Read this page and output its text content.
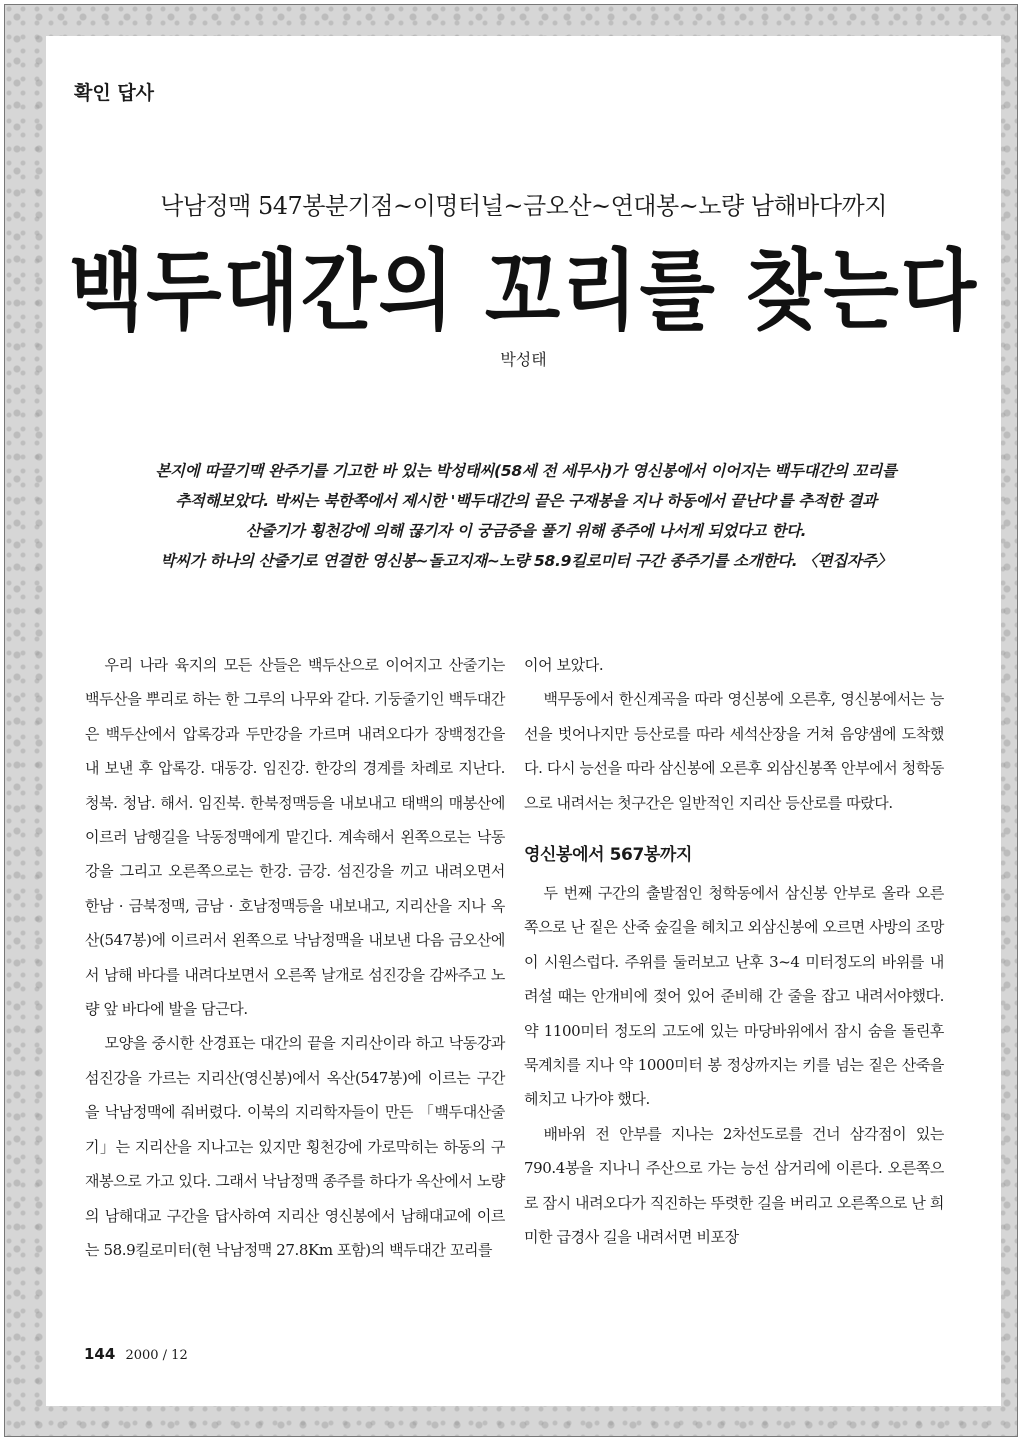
확인 답사
낙남정맥 547봉분기점~이명터널~금오산~연대봉~노량 남해바다까지
백두대간의 꼬리를 찾는다
박성태
본지에 따끌기맥 완주기를 기고한 바 있는 박성태씨(58세 전 세무사)가 영신봉에서 이어지는 백두대간의 꼬리를
추적해보았다. 박씨는 북한쪽에서 제시한 '백두대간의 끝은 구재봉을 지나 하동에서 끝난다'를 추적한 결과
산줄기가 횡천강에 의해 끊기자 이 궁금증을 풀기 위해 종주에 나서게 되었다고 한다.
박씨가 하나의 산줄기로 연결한 영신봉~돌고지재~노량 58.9킬로미터 구간 종주기를 소개한다. 〈편집자주〉

우리 나라 육지의 모든 산들은 백두산으로 이어지고 산줄기는 백두산을 뿌리로 하는 한 그루의 나무와 같다. 기둥줄기인 백두대간은 백두산에서 압록강과 두만강을 가르며 내려오다가 장백정간을 내 보낸 후 압록강. 대동강. 임진강. 한강의 경계를 차례로 지난다. 청북. 청남. 해서. 임진북. 한북정맥등을 내보내고 태백의 매봉산에 이르러 남행길을 낙동정맥에게 맡긴다. 계속해서 왼쪽으로는 낙동강을 그리고 오른쪽으로는 한강. 금강. 섬진강을 끼고 내려오면서 한남 · 금북정맥, 금남 · 호남정맥등을 내보내고, 지리산을 지나 옥산(547봉)에 이르러서 왼쪽으로 낙남정맥을 내보낸 다음 금오산에서 남해 바다를 내려다보면서 오른쪽 날개로 섬진강을 감싸주고 노량 앞 바다에 발을 담근다.

모양을 중시한 산경표는 대간의 끝을 지리산이라 하고 낙동강과 섬진강을 가르는 지리산(영신봉)에서 옥산(547봉)에 이르는 구간을 낙남정맥에 줘버렸다. 이북의 지리학자들이 만든 「백두대산줄기」는 지리산을 지나고는 있지만 횡천강에 가로막히는 하동의 구재봉으로 가고 있다. 그래서 낙남정맥 종주를 하다가 옥산에서 노량의 남해대교 구간을 답사하여 지리산 영신봉에서 남해대교에 이르는 58.9킬로미터(현 낙남정맥 27.8Km 포함)의 백두대간 꼬리를

이어 보았다.

백무동에서 한신계곡을 따라 영신봉에 오른후, 영신봉에서는 능선을 벗어나지만 등산로를 따라 세석산장을 거쳐 음양샘에 도착했다. 다시 능선을 따라 삼신봉에 오른후 외삼신봉쪽 안부에서 청학동으로 내려서는 첫구간은 일반적인 지리산 등산로를 따랐다.

영신봉에서 567봉까지

두 번째 구간의 출발점인 청학동에서 삼신봉 안부로 올라 오른쪽으로 난 짙은 산죽 숲길을 헤치고 외삼신봉에 오르면 사방의 조망이 시원스럽다. 주위를 둘러보고 난후 3~4 미터정도의 바위를 내려설 때는 안개비에 젖어 있어 준비해 간 줄을 잡고 내려서야했다. 약 1100미터 정도의 고도에 있는 마당바위에서 잠시 숨을 돌린후 묵계치를 지나 약 1000미터 봉 정상까지는 키를 넘는 짙은 산죽을 헤치고 나가야 했다.

배바위 전 안부를 지나는 2차선도로를 건너 삼각점이 있는 790.4봉을 지나니 주산으로 가는 능선 삼거리에 이른다. 오른쪽으로 잠시 내려오다가 직진하는 뚜렷한 길을 버리고 오른쪽으로 난 희미한 급경사 길을 내려서면 비포장

144 2000 / 12
